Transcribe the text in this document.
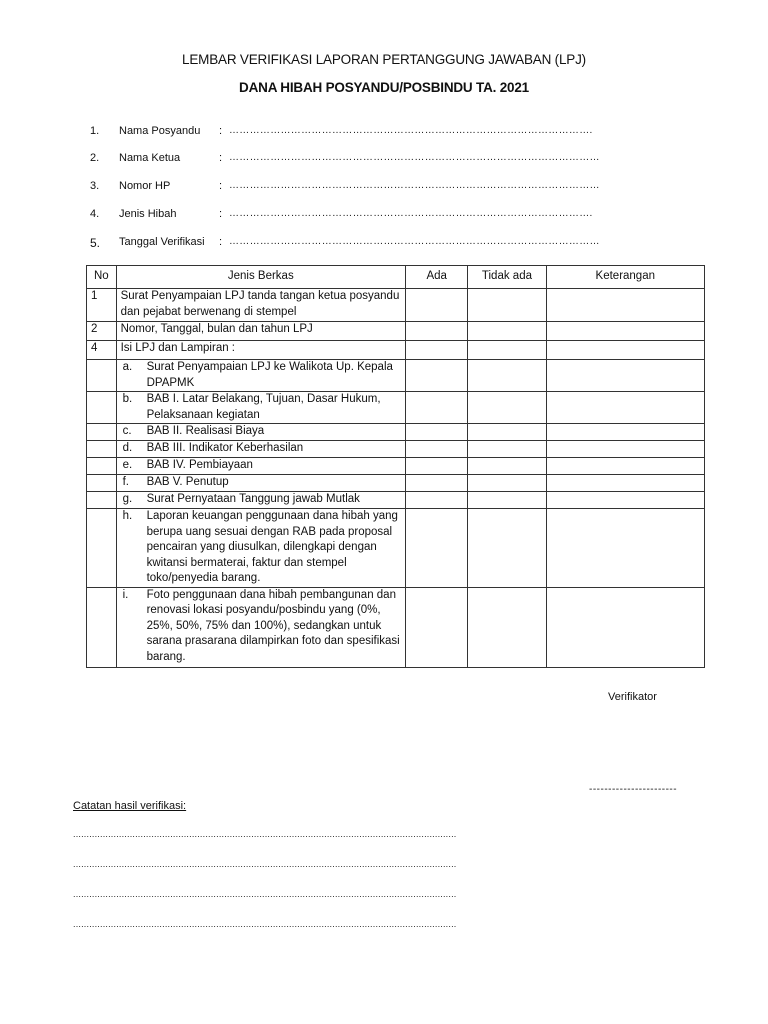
LEMBAR VERIFIKASI LAPORAN PERTANGGUNG JAWABAN (LPJ)
DANA HIBAH POSYANDU/POSBINDU TA. 2021
1. Nama Posyandu : …………………………………………………………………………………………….
2. Nama Ketua	: ………………………………………………………………………………………………
3. Nomor HP	: ………………………………………………………………………………………………
4. Jenis Hibah	: …………………………………………………………………………………………….
5. Tanggal Verifikasi : ………………………………………………………………………………………………
No	Jenis Berkas	Ada	Tidak ada	Keterangan
1	Surat Penyampaian LPJ tanda tangan ketua posyandu dan pejabat berwenang di stempel			
2	Nomor, Tanggal, bulan dan tahun LPJ			
4	Isi LPJ dan Lampiran :			

	a. Surat Penyampaian LPJ ke Walikota Up. Kepala DPAPMK			

	b. BAB I. Latar Belakang, Tujuan, Dasar Hukum, Pelaksanaan kegiatan			

	c. BAB II. Realisasi Biaya			

	d. BAB III. Indikator Keberhasilan			

	e. BAB IV. Pembiayaan			

	f. BAB V. Penutup			

	g. Surat Pernyataan Tanggung jawab Mutlak			

	h. Laporan keuangan penggunaan dana hibah yang berupa uang sesuai dengan RAB pada proposal pencairan yang diusulkan, dilengkapi dengan kwitansi bermaterai, faktur dan stempel toko/penyedia barang.			

	i. Foto penggunaan dana hibah pembangunan dan renovasi lokasi posyandu/posbindu yang (0%, 25%, 50%, 75% dan 100%), sedangkan untuk sarana prasarana dilampirkan foto dan spesifikasi barang.			

Verifikator
-----------------------
Catatan hasil verifikasi:
..............................................................................................................................................
..............................................................................................................................................
..............................................................................................................................................
..............................................................................................................................................
